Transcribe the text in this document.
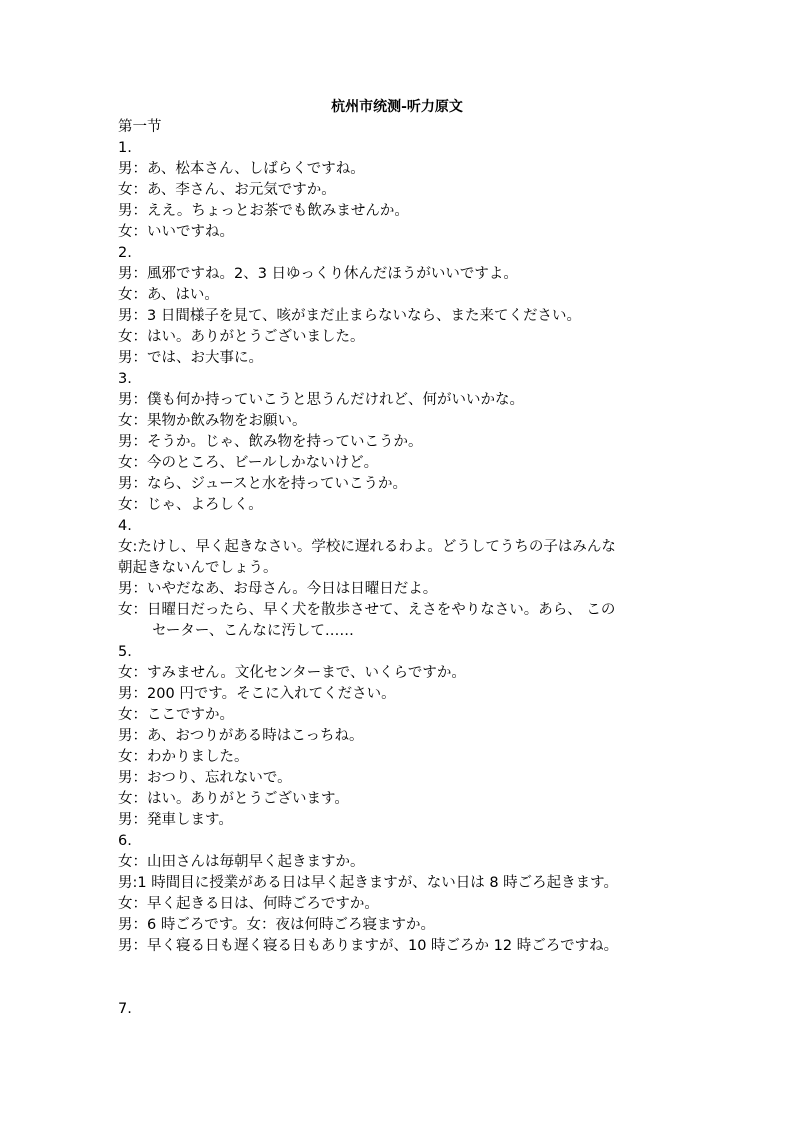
杭州市统测-听力原文
第一节
1.
男：あ、松本さん、しばらくですね。
女：あ、李さん、お元気ですか。
男：ええ。ちょっとお茶でも飲みませんか。
女：いいですね。
2.
男：風邪ですね。2、3 日ゆっくり休んだほうがいいですよ。
女：あ、はい。
男：3 日間様子を見て、咳がまだ止まらないなら、また来てください。
女：はい。ありがとうございました。
男：では、お大事に。
3.
男：僕も何か持っていこうと思うんだけれど、何がいいかな。
女：果物か飲み物をお願い。
男：そうか。じゃ、飲み物を持っていこうか。
女：今のところ、ビールしかないけど。
男：なら、ジュースと水を持っていこうか。
女：じゃ、よろしく。
4.
女:たけし、早く起きなさい。学校に遅れるわよ。どうしてうちの子はみんな
朝起きないんでしょう。
男：いやだなあ、お母さん。今日は日曜日だよ。
女：日曜日だったら、早く犬を散歩させて、えさをやりなさい。あら、 この
セーター、こんなに汚して……
5.
女：すみません。文化センターまで、いくらですか。
男：200 円です。そこに入れてください。
女：ここですか。
男：あ、おつりがある時はこっちね。
女：わかりました。
男：おつり、忘れないで。
女：はい。ありがとうございます。
男：発車します。
6.
女：山田さんは毎朝早く起きますか。
男:1 時間目に授業がある日は早く起きますが、ない日は 8 時ごろ起きます。
女：早く起きる日は、何時ごろですか。
男：6 時ごろです。女：夜は何時ごろ寝ますか。
男：早く寝る日も遅く寝る日もありますが、10 時ごろか 12 時ごろですね。
7.
